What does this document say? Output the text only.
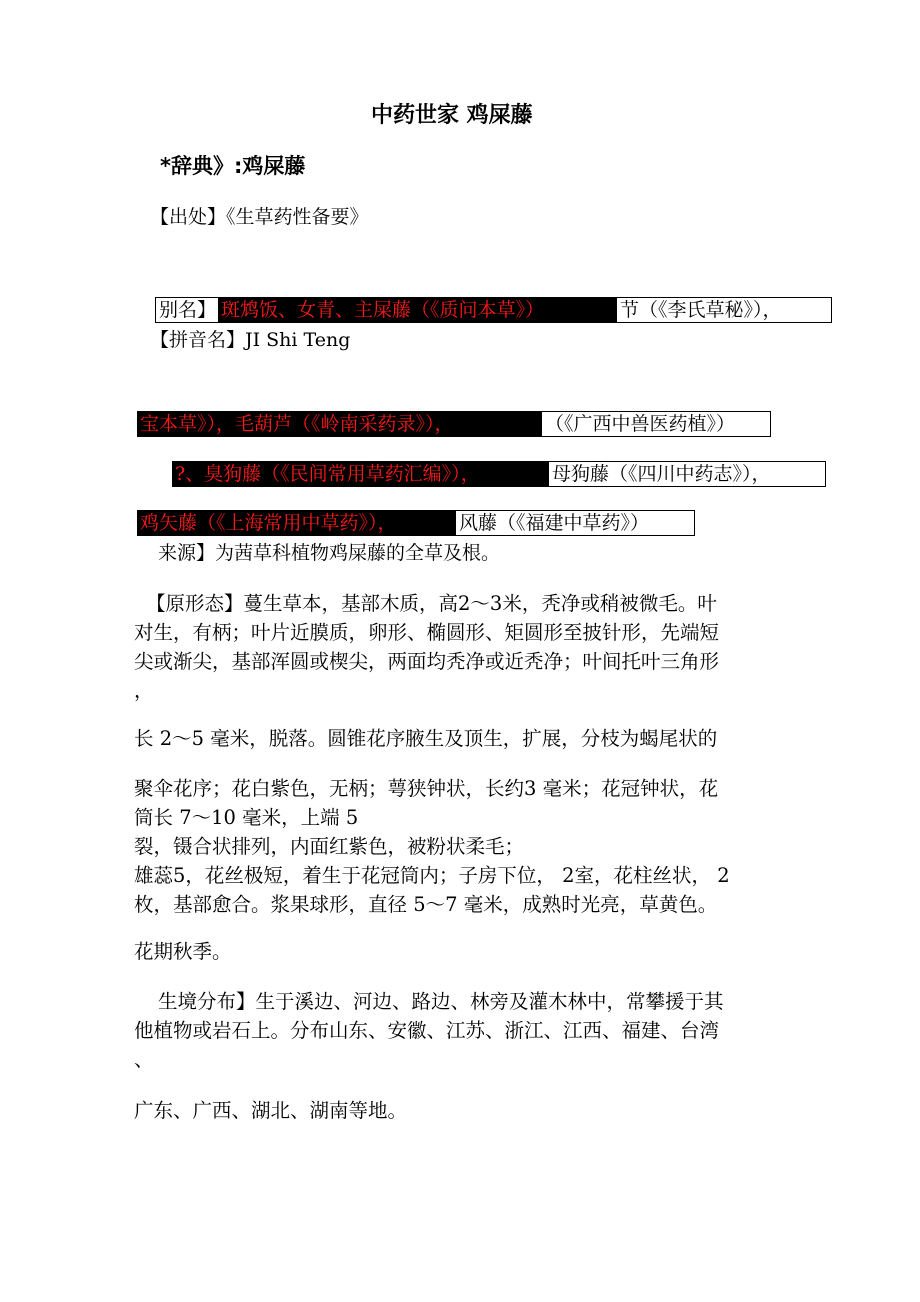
中药世家 鸡屎藤
*辞典》:鸡屎藤
【出处】《生草药性备要》
别名】 斑鸩饭、女青、主屎藤（《质问本草》）	节（《李氏草秘》），
【拼音名】JI Shi Teng
宝本草》），毛葫芦（《岭南采药录》），	（《广西中兽医药植》）
?、臭狗藤（《民间常用草药汇编》），	母狗藤（《四川中药志》），
鸡矢藤（《上海常用中草药》），	风藤（《福建中草药》）
来源】为茜草科植物鸡屎藤的全草及根。

【原形态】蔓生草本，基部木质，高2～3米，秃净或稍被微毛。叶

对生，有柄；叶片近膜质，卵形、椭圆形、矩圆形至披针形，先端短

尖或渐尖，基部浑圆或楔尖，两面均秃净或近秃净；叶间托叶三角形

，

长 2～5 毫米，脱落。圆锥花序腋生及顶生，扩展，分枝为蝎尾状的

聚伞花序；花白紫色，无柄；萼狭钟状，长约3 毫米；花冠钟状，花

筒长 7～10 毫米，上端 5

裂，镊合状排列，内面红紫色，被粉状柔毛；

雄蕊5，花丝极短，着生于花冠筒内；子房下位， 2室，花柱丝状， 2

枚，基部愈合。浆果球形，直径 5～7 毫米，成熟时光亮，草黄色。

花期秋季。

生境分布】生于溪边、河边、路边、林旁及灌木林中，常攀援于其

他植物或岩石上。分布山东、安徽、江苏、浙江、江西、福建、台湾

、

广东、广西、湖北、湖南等地。
